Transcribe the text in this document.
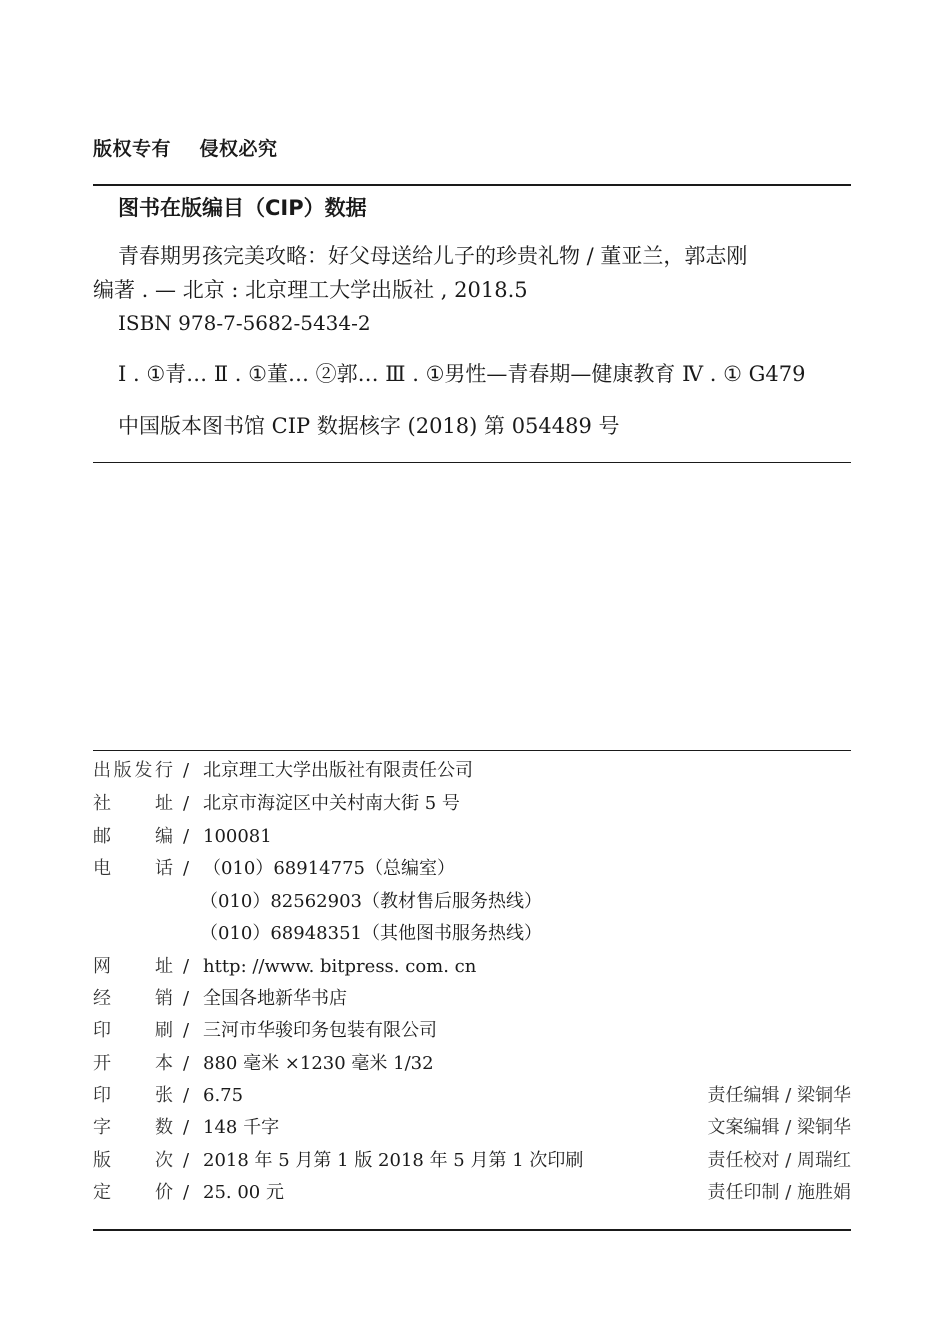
版权专有    侵权必究
图书在版编目（CIP）数据
青春期男孩完美攻略：好父母送给儿子的珍贵礼物 / 董亚兰，郭志刚
编著 . — 北京 : 北京理工大学出版社 , 2018.5
ISBN 978-7-5682-5434-2
Ⅰ . ①青… Ⅱ . ①董… ②郭… Ⅲ . ①男性—青春期—健康教育 Ⅳ . ① G479
中国版本图书馆 CIP 数据核字 (2018) 第 054489 号
出 版 发 行 / 北京理工大学出版社有限责任公司
社 址 / 北京市海淀区中关村南大街 5 号
邮 编 / 100081
电 话 / （010）68914775（总编室）
（010）82562903（教材售后服务热线）
（010）68948351（其他图书服务热线）
网 址 / http: //www. bitpress. com. cn
经 销 / 全国各地新华书店
印 刷 / 三河市华骏印务包装有限公司
开 本 / 880 毫米 ×1230 毫米 1/32
印 张 / 6.75	责任编辑 / 梁铜华
字 数 / 148 千字	文案编辑 / 梁铜华
版 次 / 2018 年 5 月第 1 版 2018 年 5 月第 1 次印刷	责任校对 / 周瑞红
定 价 / 25. 00 元	责任印制 / 施胜娟
